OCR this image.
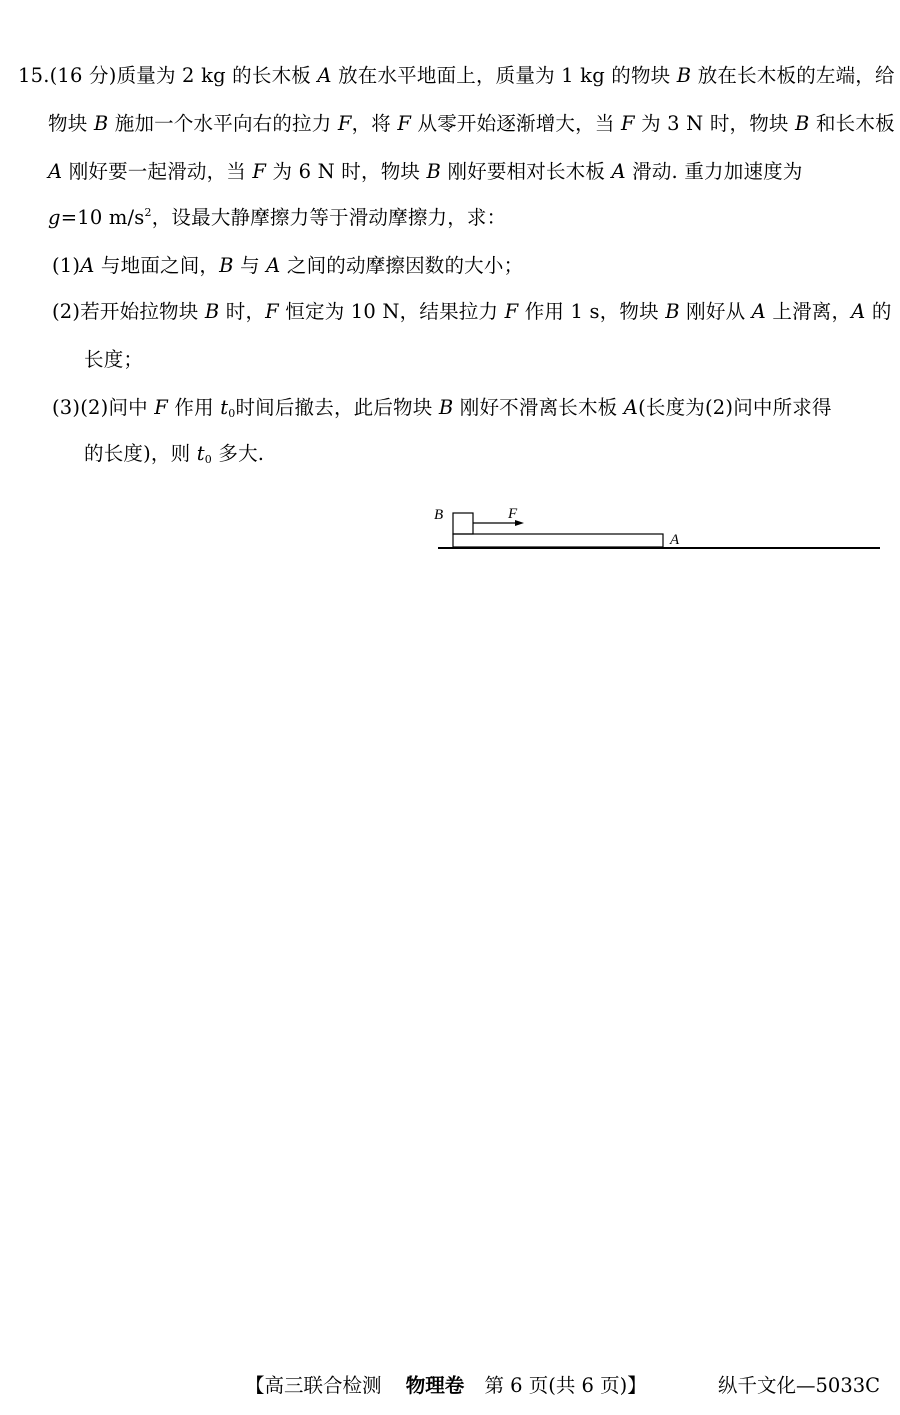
15.(16 分)质量为 2 kg 的长木板 A 放在水平地面上，质量为 1 kg 的物块 B 放在长木板的左端，给
物块 B 施加一个水平向右的拉力 F，将 F 从零开始逐渐增大，当 F 为 3 N 时，物块 B 和长木板
A 刚好要一起滑动，当 F 为 6 N 时，物块 B 刚好要相对长木板 A 滑动. 重力加速度为
g=10 $m/s^2$，设最大静摩擦力等于滑动摩擦力，求：
(1)A 与地面之间，B 与 A 之间的动摩擦因数的大小；
(2)若开始拉物块 B 时，F 恒定为 10 N，结果拉力 F 作用 1 s，物块 B 刚好从 A 上滑离，A 的
长度；
(3)(2)问中 F 作用 $t_0$时间后撤去，此后物块 B 刚好不滑离长木板 A(长度为(2)问中所求得
的长度)，则 $t_0$ 多大.
B	F
A
【高三联合检测 物理卷 第 6 页(共 6 页)】	纵千文化—5033C
